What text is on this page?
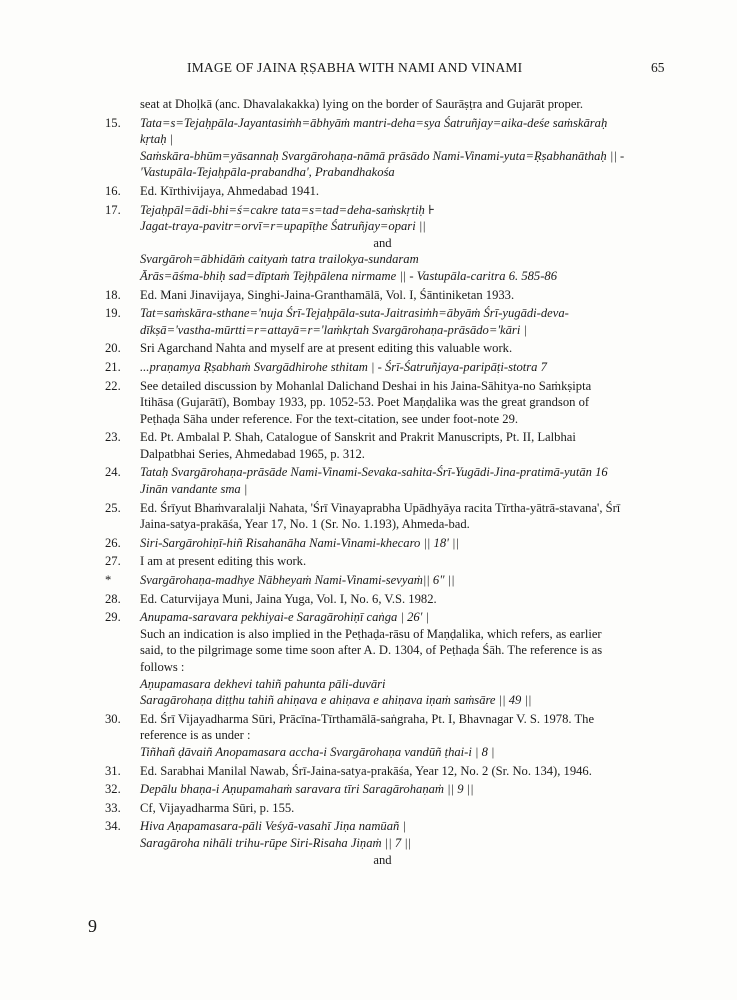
IMAGE OF JAINA ṚṢABHA WITH NAMI AND VINAMI	65

seat at Dhoḷkā (anc. Dhavalakakka) lying on the border of Saurāṣṭra and Gujarāt proper.

15.	Tata=s=Tejaḥpāla-Jayantasiṁh=ābhyāṁ mantri-deha=sya Śatruñjay=aika-deśe saṁskāraḥ kṛtaḥ |

Saṁskāra-bhūm=yāsannaḥ Svargārohaṇa-nāmā prāsādo Nami-Vinami-yuta=Ṛṣabhanāthaḥ || - 'Vastupāla-Tejaḥpāla-prabandha', Prabandhakośa

16.	Ed. Kīrthivijaya, Ahmedabad 1941.

17.	Tejaḥpāl=ādi-bhi=ś=cakre tata=s=tad=deha-saṁskṛtiḥ ⊦

Jagat-traya-pavitr=orvī=r=upapīṭhe Śatruñjay=opari ||

and

Svargāroh=ābhidāṁ caityaṁ tatra trailokya-sundaram

Ārās=āśma-bhiḥ sad=dīptaṁ Tejḥpālena nirmame || - Vastupāla-caritra 6. 585-86

18.	Ed. Mani Jinavijaya, Singhi-Jaina-Granthamālā, Vol. I, Śāntiniketan 1933.

19.	Tat=saṁskāra-sthane='nuja Śrī-Tejaḥpāla-suta-Jaitrasiṁh=ābyāṁ Śrī-yugādi-deva-dīkṣā='vastha-mūrtti=r=attayā=r='laṁkṛtah Svargārohaṇa-prāsādo='kāri |

20.	Sri Agarchand Nahta and myself are at present editing this valuable work.

21.	...praṇamya Ṛṣabhaṁ Svargādhirohe sthitam | - Śrī-Śatruñjaya-paripāṭi-stotra 7

22.	See detailed discussion by Mohanlal Dalichand Deshai in his Jaina-Sāhitya-no Saṁkṣipta Itihāsa (Gujarātī), Bombay 1933, pp. 1052-53. Poet Maṇḍalika was the great grandson of Peṭhaḍa Sāha under reference. For the text-citation, see under foot-note 29.

23.	Ed. Pt. Ambalal P. Shah, Catalogue of Sanskrit and Prakrit Manuscripts, Pt. II, Lalbhai Dalpatbhai Series, Ahmedabad 1965, p. 312.

24.	Tataḥ Svargārohaṇa-prāsāde Nami-Vinami-Sevaka-sahita-Śrī-Yugādi-Jina-pratimā-yutān 16 Jinān vandante sma |

25.	Ed. Śrīyut Bhaṁvaralalji Nahata, 'Śrī Vinayaprabha Upādhyāya racita Tīrtha-yātrā-stavana', Śrī Jaina-satya-prakāśa, Year 17, No. 1 (Sr. No. 1.193), Ahmeda-bad.

26.	Siri-Sargārohiṇī-hiñ Risahanāha Nami-Vinami-khecaro || 18' ||

27.	I am at present editing this work.

*	Svargārohaṇa-madhye Nābheyaṁ Nami-Vinami-sevyaṁ|| 6" ||

28.	Ed. Caturvijaya Muni, Jaina Yuga, Vol. I, No. 6, V.S. 1982.

29.	Anupama-saravara pekhiyai-e Saragārohiṇī caṅga | 26' |

Such an indication is also implied in the Peṭhaḍa-rāsu of Maṇḍalika, which refers, as earlier said, to the pilgrimage some time soon after A. D. 1304, of Peṭhaḍa Śāh. The reference is as follows :

Aṇupamasara dekhevi tahiñ pahunta pāli-duvāri

Saragārohaṇa diṭṭhu tahiñ ahiṇava e ahiṇava e ahiṇava iṇaṁ saṁsāre || 49 ||

30.	Ed. Śrī Vijayadharma Sūri, Prācīna-Tīrthamālā-saṅgraha, Pt. I, Bhavnagar V. S. 1978. The reference is as under :

Tiñhañ ḍāvaiñ Anopamasara accha-i Svargārohaṇa vandūñ ṭhai-i | 8 |

31.	Ed. Sarabhai Manilal Nawab, Śrī-Jaina-satya-prakāśa, Year 12, No. 2 (Sr. No. 134), 1946.

32.	Depālu bhaṇa-i Aṇupamahaṁ saravara tīri Saragārohaṇaṁ || 9 ||

33.	Cf, Vijayadharma Sūri, p. 155.

34.	Hiva Aṇapamasara-pāli Veśyā-vasahī Jiṇa namūañ |

Saragāroha nihāli trihu-rūpe Siri-Risaha Jiṇaṁ || 7 ||

and

9
